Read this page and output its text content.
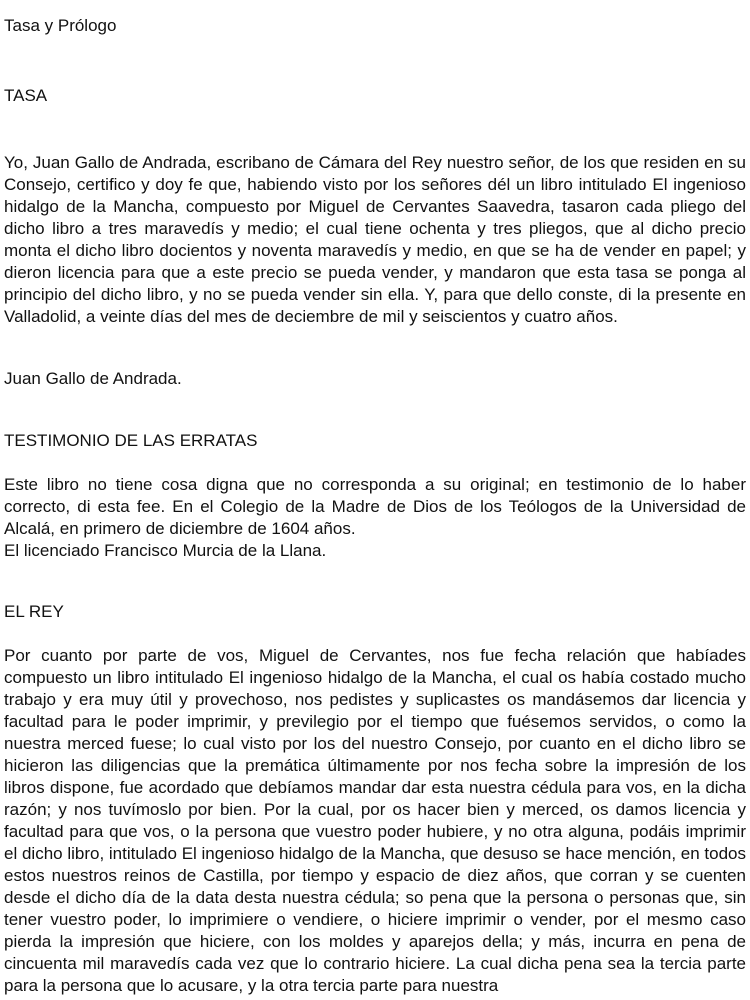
Tasa y Prólogo

TASA

Yo, Juan Gallo de Andrada, escribano de Cámara del Rey nuestro señor, de los que residen en su Consejo, certifico y doy fe que, habiendo visto por los señores dél un libro intitulado El ingenioso hidalgo de la Mancha, compuesto por Miguel de Cervantes Saavedra, tasaron cada pliego del dicho libro a tres maravedís y medio; el cual tiene ochenta y tres pliegos, que al dicho precio monta el dicho libro docientos y noventa maravedís y medio, en que se ha de vender en papel; y dieron licencia para que a este precio se pueda vender, y mandaron que esta tasa se ponga al principio del dicho libro, y no se pueda vender sin ella. Y, para que dello conste, di la presente en Valladolid, a veinte días del mes de deciembre de mil y seiscientos y cuatro años.

Juan Gallo de Andrada.

TESTIMONIO DE LAS ERRATAS

Este libro no tiene cosa digna que no corresponda a su original; en testimonio de lo haber correcto, di esta fee. En el Colegio de la Madre de Dios de los Teólogos de la Universidad de Alcalá, en primero de diciembre de 1604 años.

El licenciado Francisco Murcia de la Llana.

EL REY

Por cuanto por parte de vos, Miguel de Cervantes, nos fue fecha relación que habíades compuesto un libro intitulado El ingenioso hidalgo de la Mancha, el cual os había costado mucho trabajo y era muy útil y provechoso, nos pedistes y suplicastes os mandásemos dar licencia y facultad para le poder imprimir, y previlegio por el tiempo que fuésemos servidos, o como la nuestra merced fuese; lo cual visto por los del nuestro Consejo, por cuanto en el dicho libro se hicieron las diligencias que la premática últimamente por nos fecha sobre la impresión de los libros dispone, fue acordado que debíamos mandar dar esta nuestra cédula para vos, en la dicha razón; y nos tuvímoslo por bien. Por la cual, por os hacer bien y merced, os damos licencia y facultad para que vos, o la persona que vuestro poder hubiere, y no otra alguna, podáis imprimir el dicho libro, intitulado El ingenioso hidalgo de la Mancha, que desuso se hace mención, en todos estos nuestros reinos de Castilla, por tiempo y espacio de diez años, que corran y se cuenten desde el dicho día de la data desta nuestra cédula; so pena que la persona o personas que, sin tener vuestro poder, lo imprimiere o vendiere, o hiciere imprimir o vender, por el mesmo caso pierda la impresión que hiciere, con los moldes y aparejos della; y más, incurra en pena de cincuenta mil maravedís cada vez que lo contrario hiciere. La cual dicha pena sea la tercia parte para la persona que lo acusare, y la otra tercia parte para nuestra
